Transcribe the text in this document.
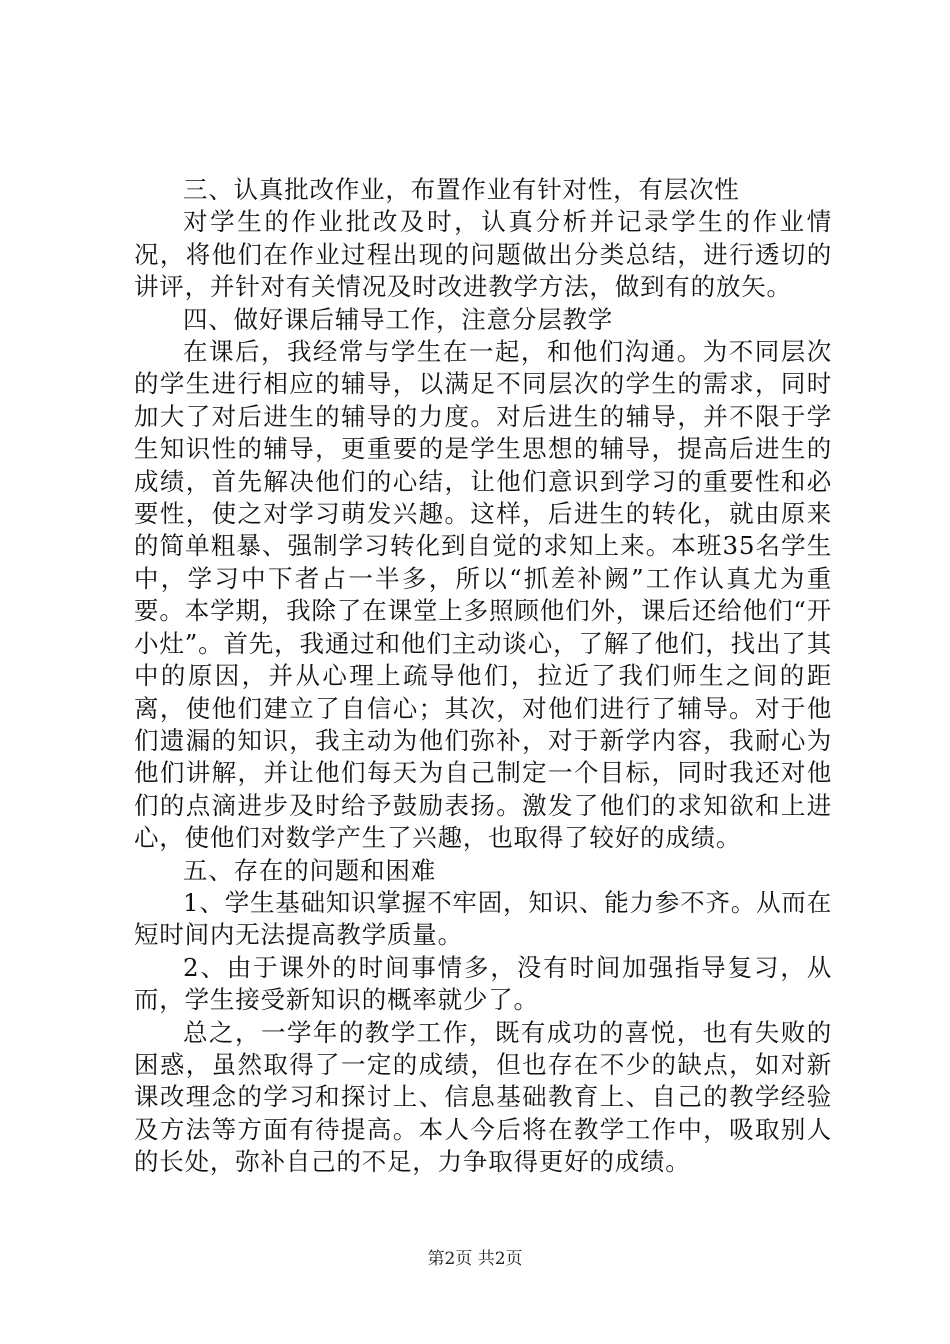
三、认真批改作业，布置作业有针对性，有层次性

对学生的作业批改及时，认真分析并记录学生的作业情况，将他们在作业过程出现的问题做出分类总结，进行透切的讲评，并针对有关情况及时改进教学方法，做到有的放矢。

四、做好课后辅导工作，注意分层教学

在课后，我经常与学生在一起，和他们沟通。为不同层次的学生进行相应的辅导，以满足不同层次的学生的需求，同时加大了对后进生的辅导的力度。对后进生的辅导，并不限于学生知识性的辅导，更重要的是学生思想的辅导，提高后进生的成绩，首先解决他们的心结，让他们意识到学习的重要性和必要性，使之对学习萌发兴趣。这样，后进生的转化，就由原来的简单粗暴、强制学习转化到自觉的求知上来。本班35名学生中，学习中下者占一半多，所以“抓差补阙”工作认真尤为重要。本学期，我除了在课堂上多照顾他们外，课后还给他们“开小灶”。首先，我通过和他们主动谈心，了解了他们，找出了其中的原因，并从心理上疏导他们，拉近了我们师生之间的距离，使他们建立了自信心；其次，对他们进行了辅导。对于他们遗漏的知识，我主动为他们弥补，对于新学内容，我耐心为他们讲解，并让他们每天为自己制定一个目标，同时我还对他们的点滴进步及时给予鼓励表扬。激发了他们的求知欲和上进心，使他们对数学产生了兴趣，也取得了较好的成绩。

五、存在的问题和困难

1、学生基础知识掌握不牢固，知识、能力参不齐。从而在短时间内无法提高教学质量。

2、由于课外的时间事情多，没有时间加强指导复习，从而，学生接受新知识的概率就少了。

总之，一学年的教学工作，既有成功的喜悦，也有失败的困惑，虽然取得了一定的成绩，但也存在不少的缺点，如对新课改理念的学习和探讨上、信息基础教育上、自己的教学经验及方法等方面有待提高。本人今后将在教学工作中，吸取别人的长处，弥补自己的不足，力争取得更好的成绩。

第2页 共2页
